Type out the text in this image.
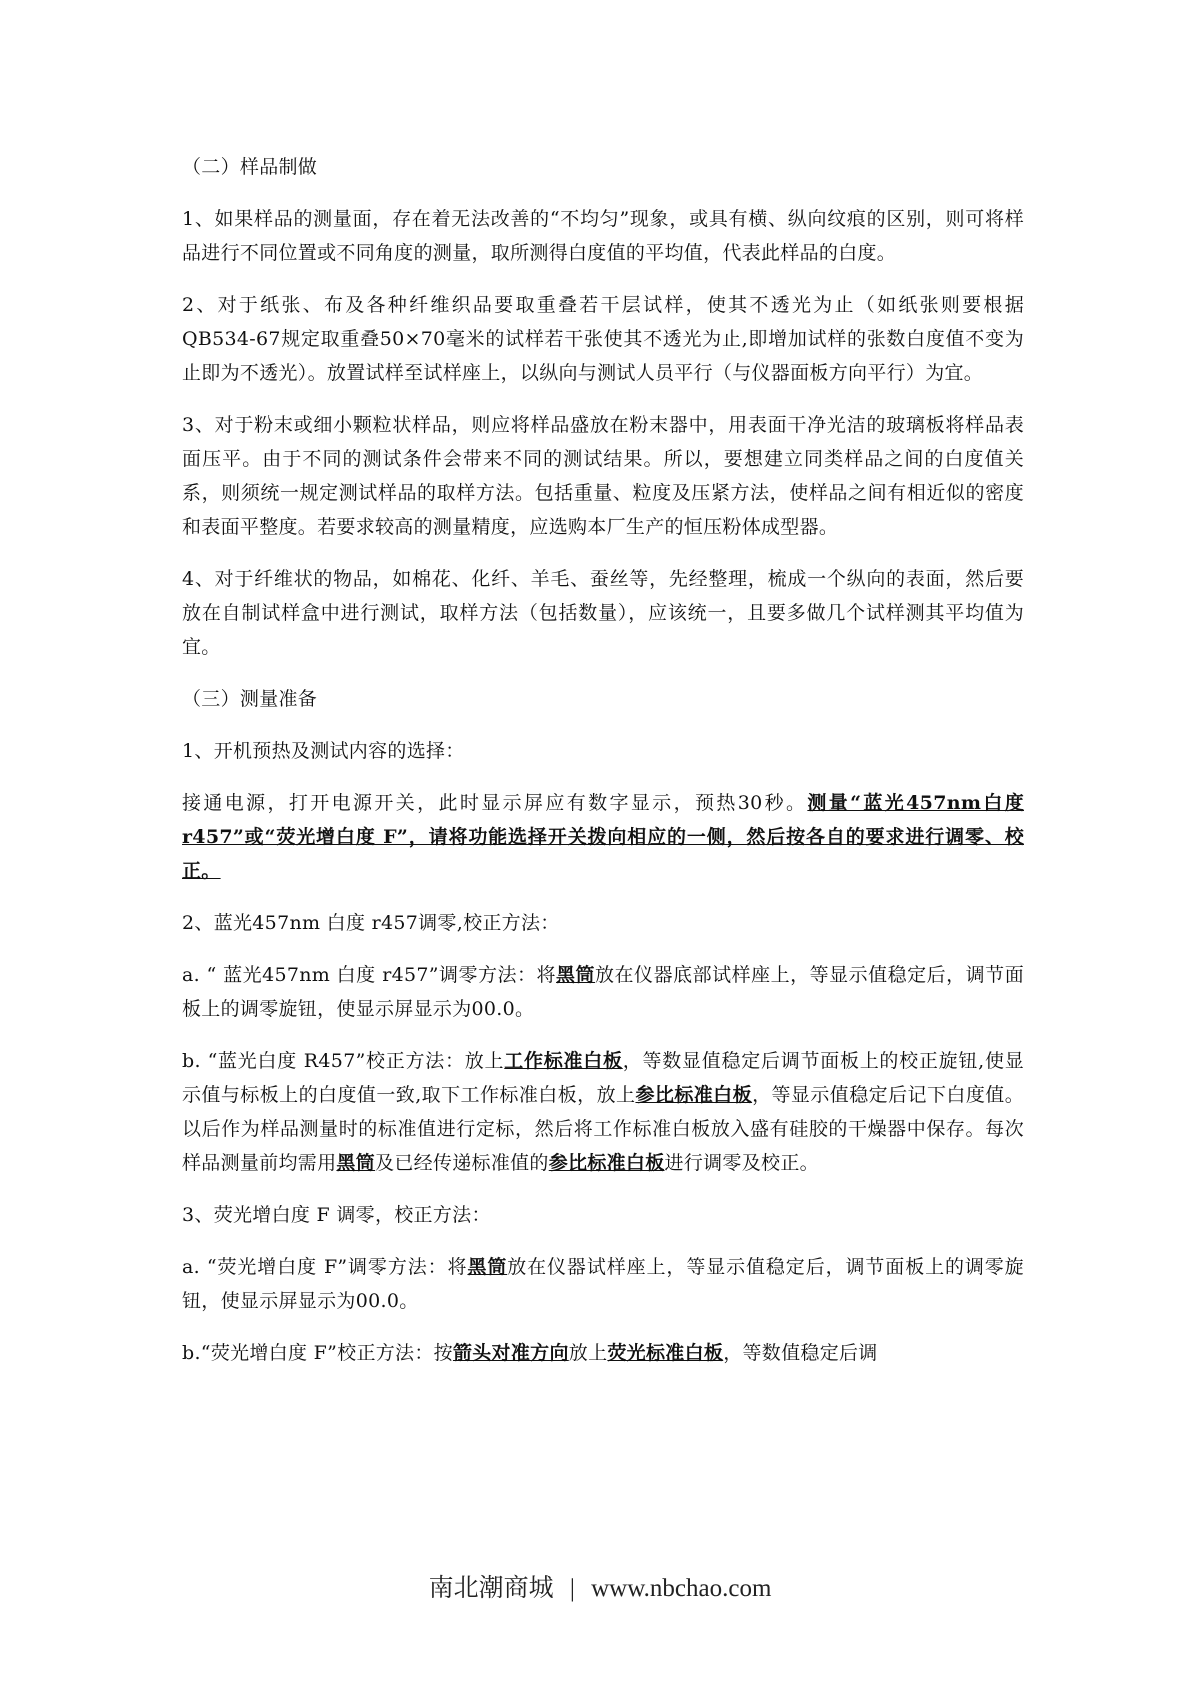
（二）样品制做

1、如果样品的测量面，存在着无法改善的“不均匀”现象，或具有横、纵向纹痕的区别，则可将样品进行不同位置或不同角度的测量，取所测得白度值的平均值，代表此样品的白度。

2、对于纸张、布及各种纤维织品要取重叠若干层试样，使其不透光为止（如纸张则要根据 QB534-67规定取重叠50×70毫米的试样若干张使其不透光为止,即增加试样的张数白度值不变为止即为不透光）。放置试样至试样座上，以纵向与测试人员平行（与仪器面板方向平行）为宜。

3、对于粉末或细小颗粒状样品，则应将样品盛放在粉末器中，用表面干净光洁的玻璃板将样品表面压平。由于不同的测试条件会带来不同的测试结果。所以，要想建立同类样品之间的白度值关系，则须统一规定测试样品的取样方法。包括重量、粒度及压紧方法，使样品之间有相近似的密度和表面平整度。若要求较高的测量精度，应选购本厂生产的恒压粉体成型器。

4、对于纤维状的物品，如棉花、化纤、羊毛、蚕丝等，先经整理，梳成一个纵向的表面，然后要放在自制试样盒中进行测试，取样方法（包括数量），应该统一，且要多做几个试样测其平均值为宜。

（三）测量准备

1、开机预热及测试内容的选择：

接通电源，打开电源开关，此时显示屏应有数字显示，预热30秒。测量“蓝光457nm白度 r457”或“荧光增白度 F”，请将功能选择开关拨向相应的一侧，然后按各自的要求进行调零、校正。

2、蓝光457nm 白度 r457调零,校正方法：

a. “ 蓝光457nm 白度 r457”调零方法：将黑筒放在仪器底部试样座上，等显示值稳定后，调节面板上的调零旋钮，使显示屏显示为00.0。

b. “蓝光白度 R457”校正方法：放上工作标准白板，等数显值稳定后调节面板上的校正旋钮,使显示值与标板上的白度值一致,取下工作标准白板，放上参比标准白板，等显示值稳定后记下白度值。以后作为样品测量时的标准值进行定标，然后将工作标准白板放入盛有硅胶的干燥器中保存。每次样品测量前均需用黑筒及已经传递标准值的参比标准白板进行调零及校正。

3、荧光增白度 F 调零，校正方法：

a. “荧光增白度 F”调零方法：将黑筒放在仪器试样座上，等显示值稳定后，调节面板上的调零旋钮，使显示屏显示为00.0。

b.“荧光增白度 F”校正方法：按箭头对准方向放上荧光标准白板，等数值稳定后调

南北潮商城 | www.nbchao.com
